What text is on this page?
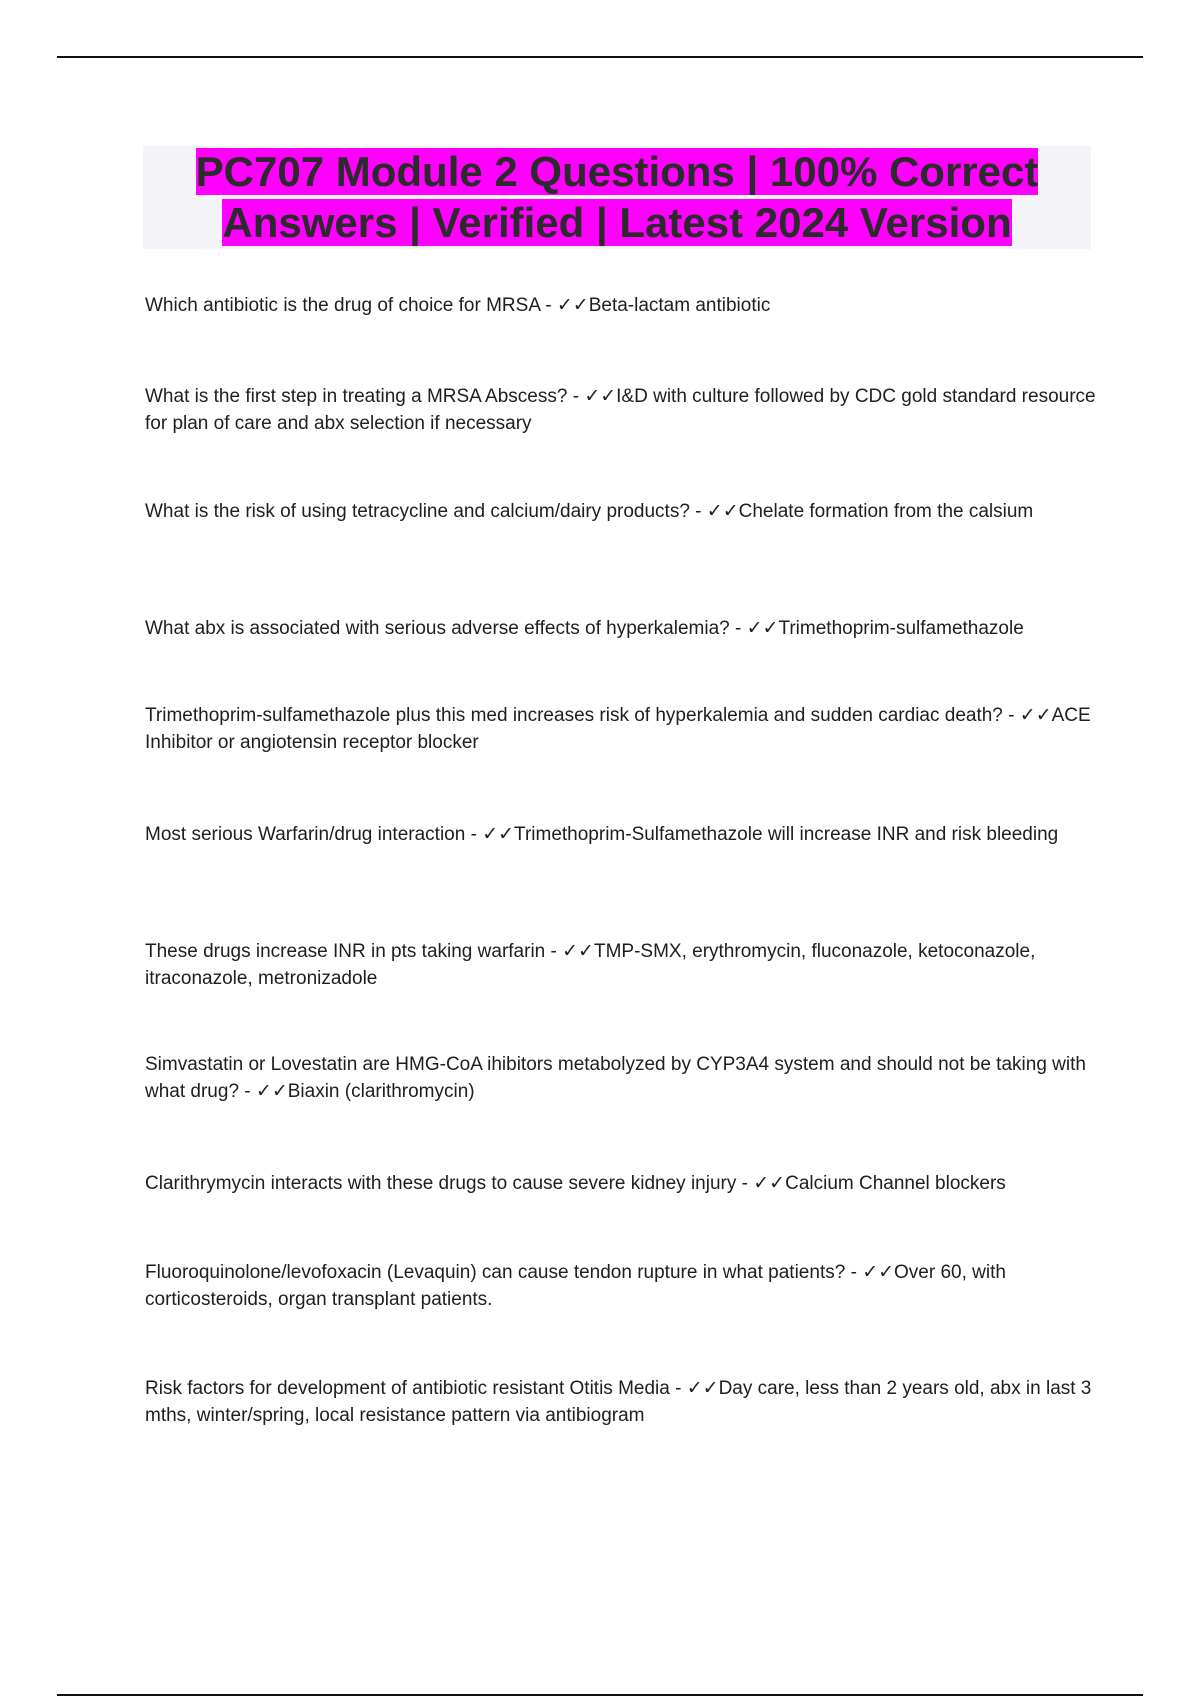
PC707 Module 2 Questions | 100% Correct
Answers | Verified | Latest 2024 Version
Which antibiotic is the drug of choice for MRSA - ✓✓Beta-lactam antibiotic
What is the first step in treating a MRSA Abscess? - ✓✓I&D with culture followed by CDC gold standard resource for plan of care and abx selection if necessary
What is the risk of using tetracycline and calcium/dairy products? - ✓✓Chelate formation from the calsium
What abx is associated with serious adverse effects of hyperkalemia? - ✓✓Trimethoprim-sulfamethazole
Trimethoprim-sulfamethazole plus this med increases risk of hyperkalemia and sudden cardiac death? - ✓✓ACE Inhibitor or angiotensin receptor blocker
Most serious Warfarin/drug interaction - ✓✓Trimethoprim-Sulfamethazole will increase INR and risk bleeding
These drugs increase INR in pts taking warfarin - ✓✓TMP-SMX, erythromycin, fluconazole, ketoconazole, itraconazole, metronizadole
Simvastatin or Lovestatin are HMG-CoA ihibitors metabolyzed by CYP3A4 system and should not be taking with what drug? - ✓✓Biaxin (clarithromycin)
Clarithrymycin interacts with these drugs to cause severe kidney injury - ✓✓Calcium Channel blockers
Fluoroquinolone/levofoxacin (Levaquin) can cause tendon rupture in what patients? - ✓✓Over 60, with corticosteroids, organ transplant patients.
Risk factors for development of antibiotic resistant Otitis Media - ✓✓Day care, less than 2 years old, abx in last 3 mths, winter/spring, local resistance pattern via antibiogram
